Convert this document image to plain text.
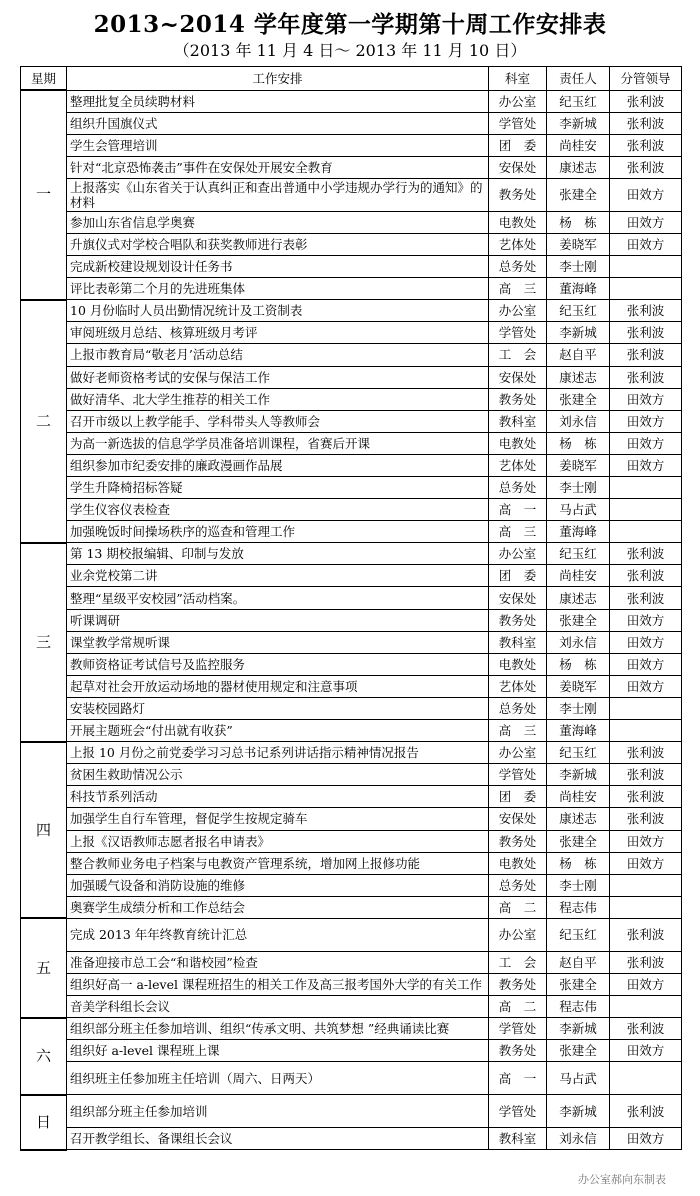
2013~2014 学年度第一学期第十周工作安排表
（2013 年 11 月 4 日～ 2013 年 11 月 10 日）
星期	工作安排	科室	责任人	分管领导
一	整理批复全员续聘材料	办公室	纪玉红	张利波
	组织升国旗仪式	学管处	李新城	张利波
	学生会管理培训	团　委	尚桂安	张利波
	针对“北京恐怖袭击”事件在安保处开展安全教育	安保处	康述志	张利波
	上报落实《山东省关于认真纠正和查出普通中小学违规办学行为的通知》的材料	教务处	张建全	田效方
	参加山东省信息学奥赛	电教处	杨　栋	田效方
	升旗仪式对学校合唱队和获奖教师进行表彰	艺体处	姜晓军	田效方
	完成新校建设规划设计任务书	总务处	李士刚	
	评比表彰第二个月的先进班集体	高　三	董海峰	
二	10 月份临时人员出勤情况统计及工资制表	办公室	纪玉红	张利波
	审阅班级月总结、核算班级月考评	学管处	李新城	张利波
	上报市教育局“敬老月’活动总结	工　会	赵自平	张利波
	做好老师资格考试的安保与保洁工作	安保处	康述志	张利波
	做好清华、北大学生推荐的相关工作	教务处	张建全	田效方
	召开市级以上教学能手、学科带头人等教师会	教科室	刘永信	田效方
	为高一新选拔的信息学学员准备培训课程，省赛后开课	电教处	杨　栋	田效方
	组织参加市纪委安排的廉政漫画作品展	艺体处	姜晓军	田效方
	学生升降椅招标答疑	总务处	李士刚	
	学生仪容仪表检查	高　一	马占武	
	加强晚饭时间操场秩序的巡查和管理工作	高　三	董海峰	
三	第 13 期校报编辑、印制与发放	办公室	纪玉红	张利波
	业余党校第二讲	团　委	尚桂安	张利波
	整理“星级平安校园”活动档案。	安保处	康述志	张利波
	听课调研	教务处	张建全	田效方
	课堂教学常规听课	教科室	刘永信	田效方
	教师资格证考试信号及监控服务	电教处	杨　栋	田效方
	起草对社会开放运动场地的器材使用规定和注意事项	艺体处	姜晓军	田效方
	安装校园路灯	总务处	李士刚	
	开展主题班会“付出就有收获”	高　三	董海峰	
四	上报 10 月份之前党委学习习总书记系列讲话指示精神情况报告	办公室	纪玉红	张利波
	贫困生救助情况公示	学管处	李新城	张利波
	科技节系列活动	团　委	尚桂安	张利波
	加强学生自行车管理，督促学生按规定骑车	安保处	康述志	张利波
	上报《汉语教师志愿者报名申请表》	教务处	张建全	田效方
	整合教师业务电子档案与电教资产管理系统，增加网上报修功能	电教处	杨　栋	田效方
	加强暖气设备和消防设施的维修	总务处	李士刚	
	奥赛学生成绩分析和工作总结会	高　二	程志伟	
五	完成 2013 年年终教育统计汇总	办公室	纪玉红	张利波
	准备迎接市总工会“和谐校园”检查	工　会	赵自平	张利波
	组织好高一 a-level 课程班招生的相关工作及高三报考国外大学的有关工作	教务处	张建全	田效方
	音美学科组长会议	高　二	程志伟	
六	组织部分班主任参加培训、组织“传承文明、共筑梦想 ”经典诵读比赛	学管处	李新城	张利波
	组织好 a-level 课程班上课	教务处	张建全	田效方
	组织班主任参加班主任培训（周六、日两天）	高　一	马占武	
日	组织部分班主任参加培训	学管处	李新城	张利波
	召开教学组长、备课组长会议	教科室	刘永信	田效方
办公室郝向东制表
